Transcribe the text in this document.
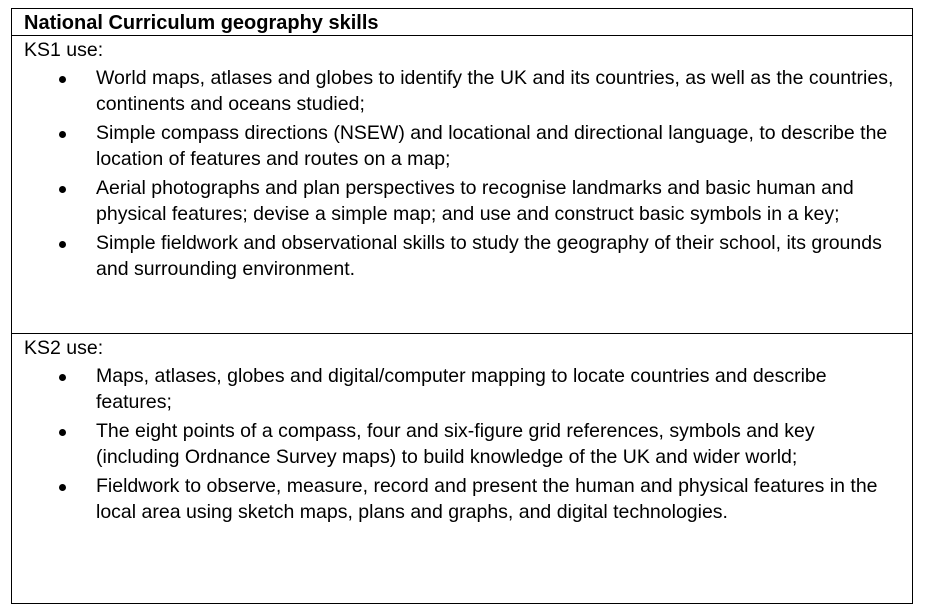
National Curriculum geography skills
KS1 use:
World maps, atlases and globes to identify the UK and its countries, as well as the countries, continents and oceans studied;
Simple compass directions (NSEW) and locational and directional language, to describe the location of features and routes on a map;
Aerial photographs and plan perspectives to recognise landmarks and basic human and physical features; devise a simple map; and use and construct basic symbols in a key;
Simple fieldwork and observational skills to study the geography of their school, its grounds and surrounding environment.
KS2 use:
Maps, atlases, globes and digital/computer mapping to locate countries and describe features;
The eight points of a compass, four and six-figure grid references, symbols and key (including Ordnance Survey maps) to build knowledge of the UK and wider world;
Fieldwork to observe, measure, record and present the human and physical features in the local area using sketch maps, plans and graphs, and digital technologies.
